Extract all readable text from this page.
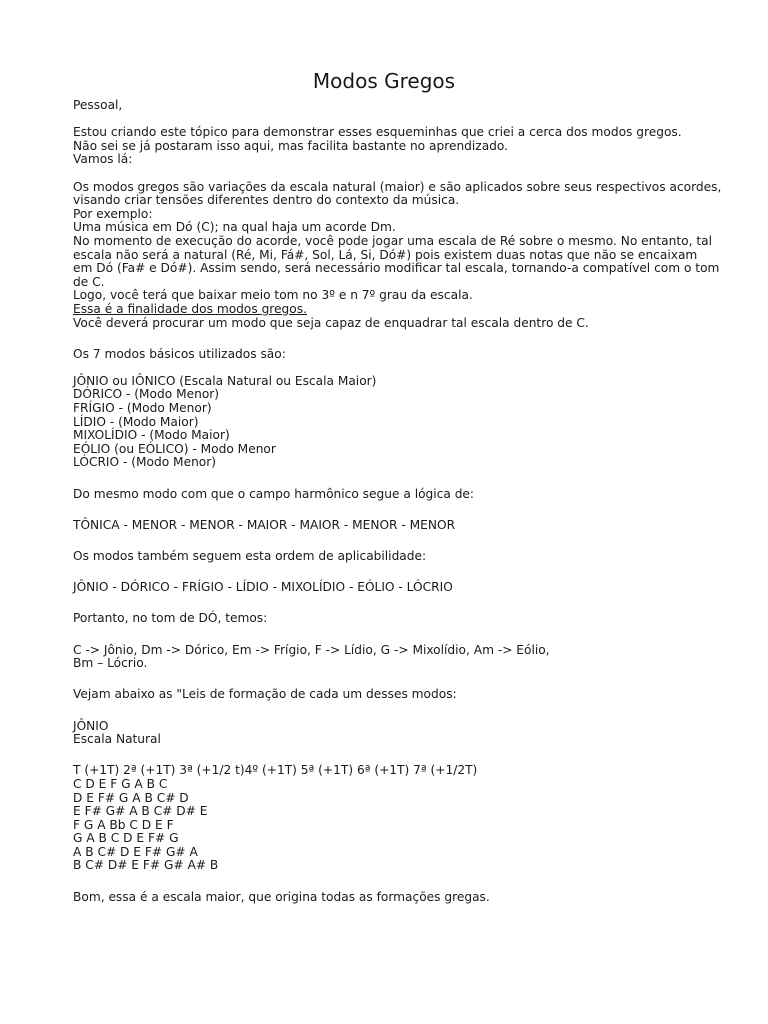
Modos Gregos
Pessoal,
Estou criando este tópico para demonstrar esses esqueminhas que criei a cerca dos modos gregos.
Não sei se já postaram isso aqui, mas facilita bastante no aprendizado.
Vamos lá:
Os modos gregos são variações da escala natural (maior) e são aplicados sobre seus respectivos acordes,
visando criar tensões diferentes dentro do contexto da música.
Por exemplo:
Uma música em Dó (C); na qual haja um acorde Dm.
No momento de execução do acorde, você pode jogar uma escala de Ré sobre o mesmo. No entanto, tal
escala não será a natural (Ré, Mi, Fá#, Sol, Lá, Si, Dó#) pois existem duas notas que não se encaixam
em Dó (Fa# e Dó#). Assim sendo, será necessário modificar tal escala, tornando-a compatível com o tom
de C.
Logo, você terá que baixar meio tom no 3º e n 7º grau da escala.
Essa é a finalidade dos modos gregos.
Você deverá procurar um modo que seja capaz de enquadrar tal escala dentro de C.
Os 7 modos básicos utilizados são:
JÔNIO ou IÔNICO (Escala Natural ou Escala Maior)
DÓRICO - (Modo Menor)
FRÍGIO - (Modo Menor)
LÍDIO - (Modo Maior)
MIXOLÍDIO - (Modo Maior)
EÓLIO (ou EÓLICO) - Modo Menor
LÓCRIO - (Modo Menor)
Do mesmo modo com que o campo harmônico segue a lógica de:
TÔNICA - MENOR - MENOR - MAIOR - MAIOR - MENOR - MENOR
Os modos também seguem esta ordem de aplicabilidade:
JÔNIO - DÓRICO - FRÍGIO - LÍDIO - MIXOLÍDIO - EÓLIO - LÓCRIO
Portanto, no tom de DÓ, temos:
C -> Jônio, Dm -> Dórico, Em -> Frígio, F -> Lídio, G -> Mixolídio, Am -> Eólio,
Bm – Lócrio.
Vejam abaixo as "Leis de formação de cada um desses modos:
JÔNIO
Escala Natural
T (+1T) 2ª (+1T) 3ª (+1/2 t)4º (+1T) 5ª (+1T) 6ª (+1T) 7ª (+1/2T)
C D E F G A B C
D E F# G A B C# D
E F# G# A B C# D# E
F G A Bb C D E F
G A B C D E F# G
A B C# D E F# G# A
B C# D# E F# G# A# B
Bom, essa é a escala maior, que origina todas as formações gregas.
